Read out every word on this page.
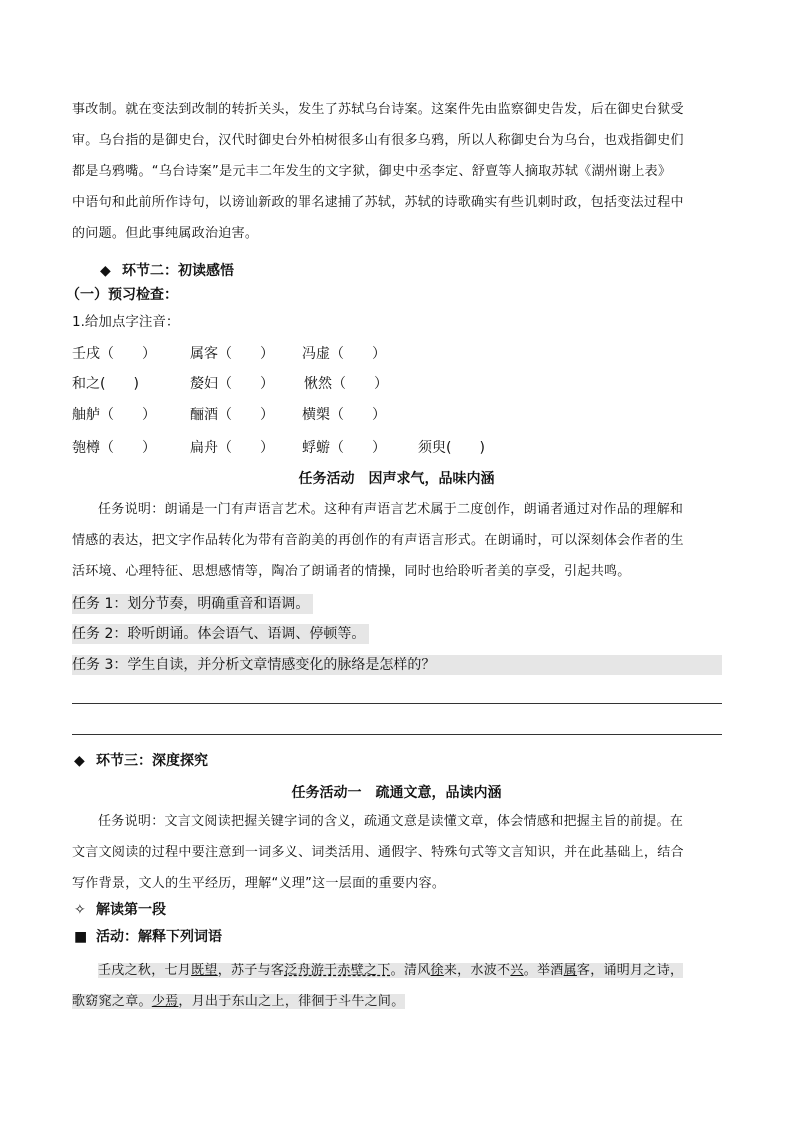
事改制。就在变法到改制的转折关头，发生了苏轼乌台诗案。这案件先由监察御史告发，后在御史台狱受
审。乌台指的是御史台，汉代时御史台外柏树很多山有很多乌鸦，所以人称御史台为乌台，也戏指御史们
都是乌鸦嘴。“乌台诗案”是元丰二年发生的文字狱，御史中丞李定、舒亶等人摘取苏轼《湖州谢上表》
中语句和此前所作诗句，以谤讪新政的罪名逮捕了苏轼，苏轼的诗歌确实有些讥刺时政，包括变法过程中
的问题。但此事纯属政治迫害。
◆ 环节二：初读感悟
（一）预习检查：
1.给加点字注音：
壬戌（　　） 属客（　　） 冯虚（　　）
和之(　　)	嫠妇（　　） 愀然（　　）
舳舻（　　） 酾酒（　　） 横槊（　　）
匏樽（　　） 扁舟（　　） 蜉蝣（　　） 须臾(　　)
任务活动　因声求气，品味内涵
任务说明：朗诵是一门有声语言艺术。这种有声语言艺术属于二度创作，朗诵者通过对作品的理解和
情感的表达，把文字作品转化为带有音韵美的再创作的有声语言形式。在朗诵时，可以深刻体会作者的生
活环境、心理特征、思想感情等，陶冶了朗诵者的情操，同时也给聆听者美的享受，引起共鸣。
任务 1：划分节奏，明确重音和语调。
任务 2：聆听朗诵。体会语气、语调、停顿等。
任务 3：学生自读，并分析文章情感变化的脉络是怎样的？
◆ 环节三：深度探究
任务活动一　疏通文意，品读内涵
任务说明：文言文阅读把握关键字词的含义，疏通文意是读懂文章，体会情感和把握主旨的前提。在
文言文阅读的过程中要注意到一词多义、词类活用、通假字、特殊句式等文言知识，并在此基础上，结合
写作背景，文人的生平经历，理解“义理”这一层面的重要内容。
✧ 解读第一段
■ 活动：解释下列词语
壬戌之秋，七月既望，苏子与客泛舟游于赤壁之下。清风徐来，水波不兴。举酒属客，诵明月之诗，
歌窈窕之章。少焉，月出于东山之上，徘徊于斗牛之间。
